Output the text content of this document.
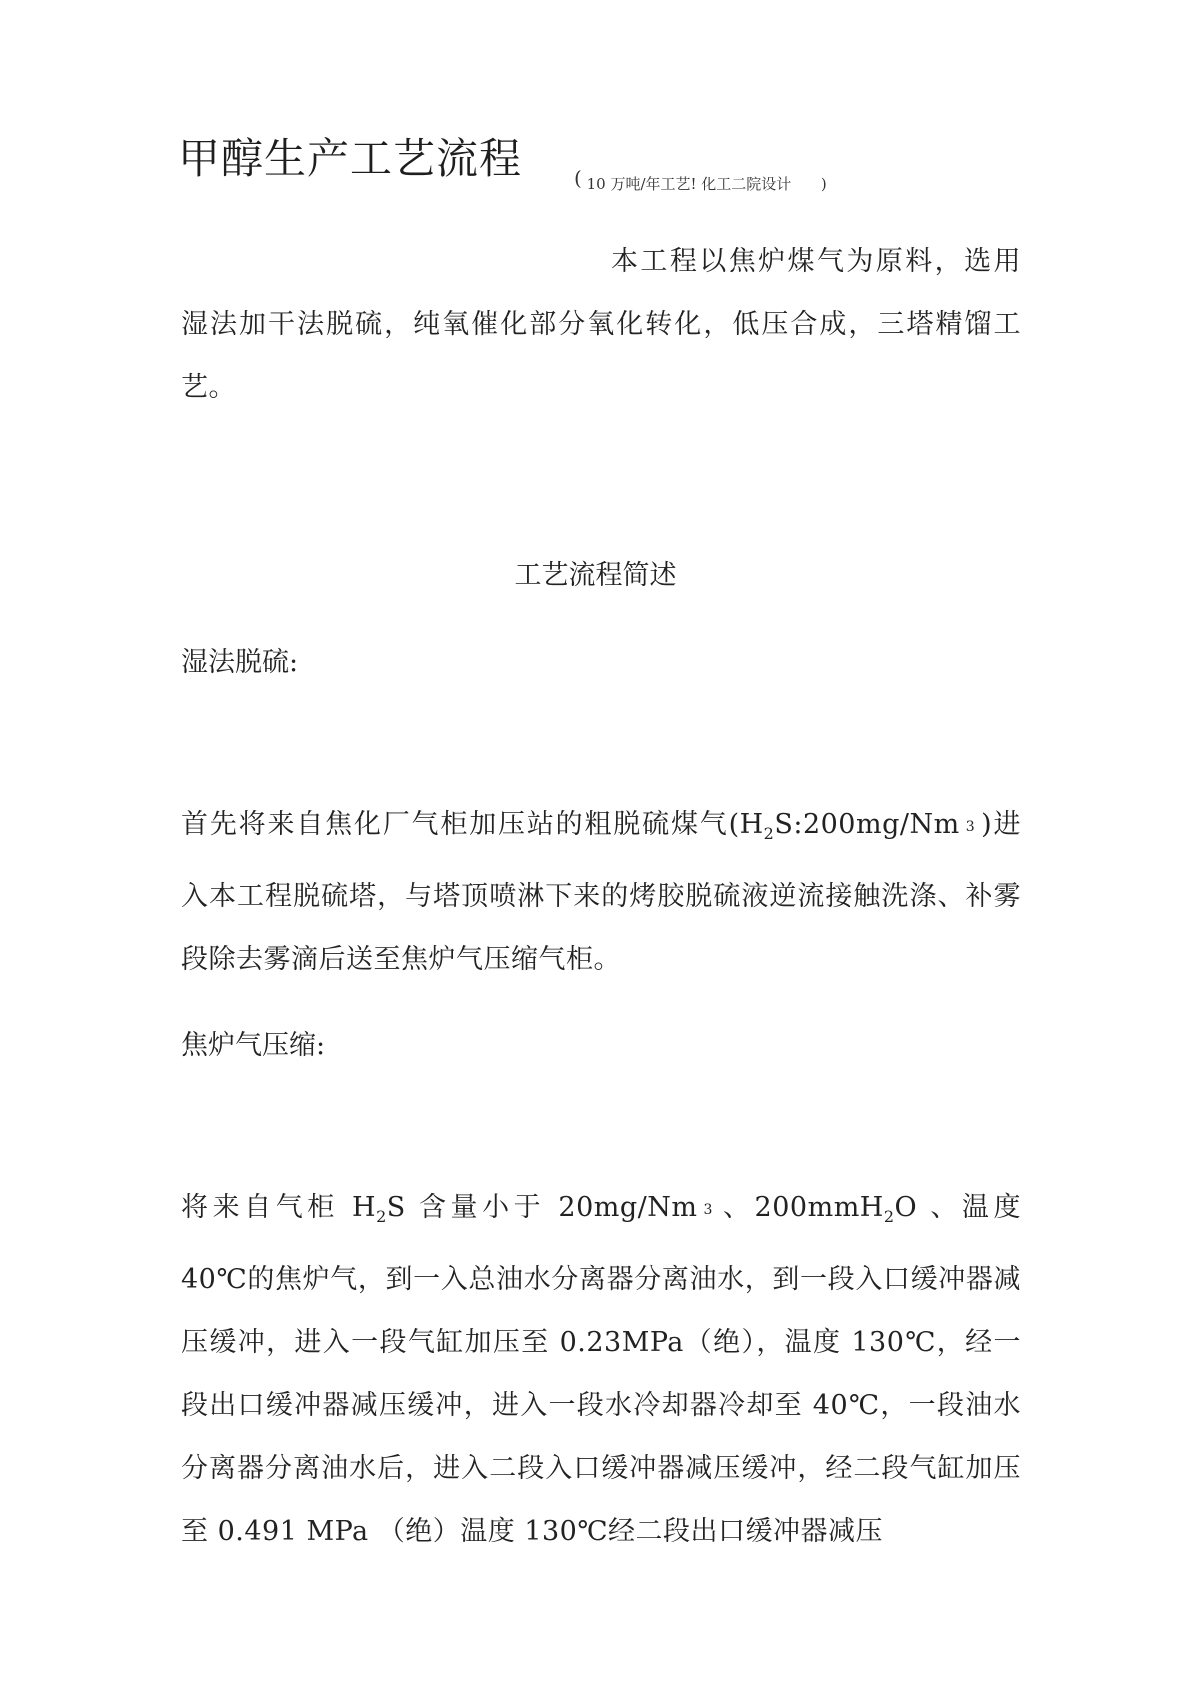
甲醇生产工艺流程	( 10 万吨/年工艺! 化工二院设计 )
本工程以焦炉煤气为原料，选用湿法加干法脱硫，纯氧催化部分氧化转化，低压合成，三塔精馏工艺。
工艺流程简述
湿法脱硫:
首先将来自焦化厂气柜加压站的粗脱硫煤气($H_2S:200mg/Nm$ 3 )进入本工程脱硫塔，与塔顶喷淋下来的烤胶脱硫液逆流接触洗涤、补雾段除去雾滴后送至焦炉气压缩气柜。
焦炉气压缩:
将来自气柜 $H_2S$ 含量小于 20mg/Nm 3 、200mmH$_2$O 、温度 40℃的焦炉气，到一入总油水分离器分离油水，到一段入口缓冲器减压缓冲，进入一段气缸加压至 0.23MPa（绝），温度 130℃，经一段出口缓冲器减压缓冲，进入一段水冷却器冷却至 40℃，一段油水分离器分离油水后，进入二段入口缓冲器减压缓冲，经二段气缸加压至 0.491 MPa （绝）温度 130℃经二段出口缓冲器减压
